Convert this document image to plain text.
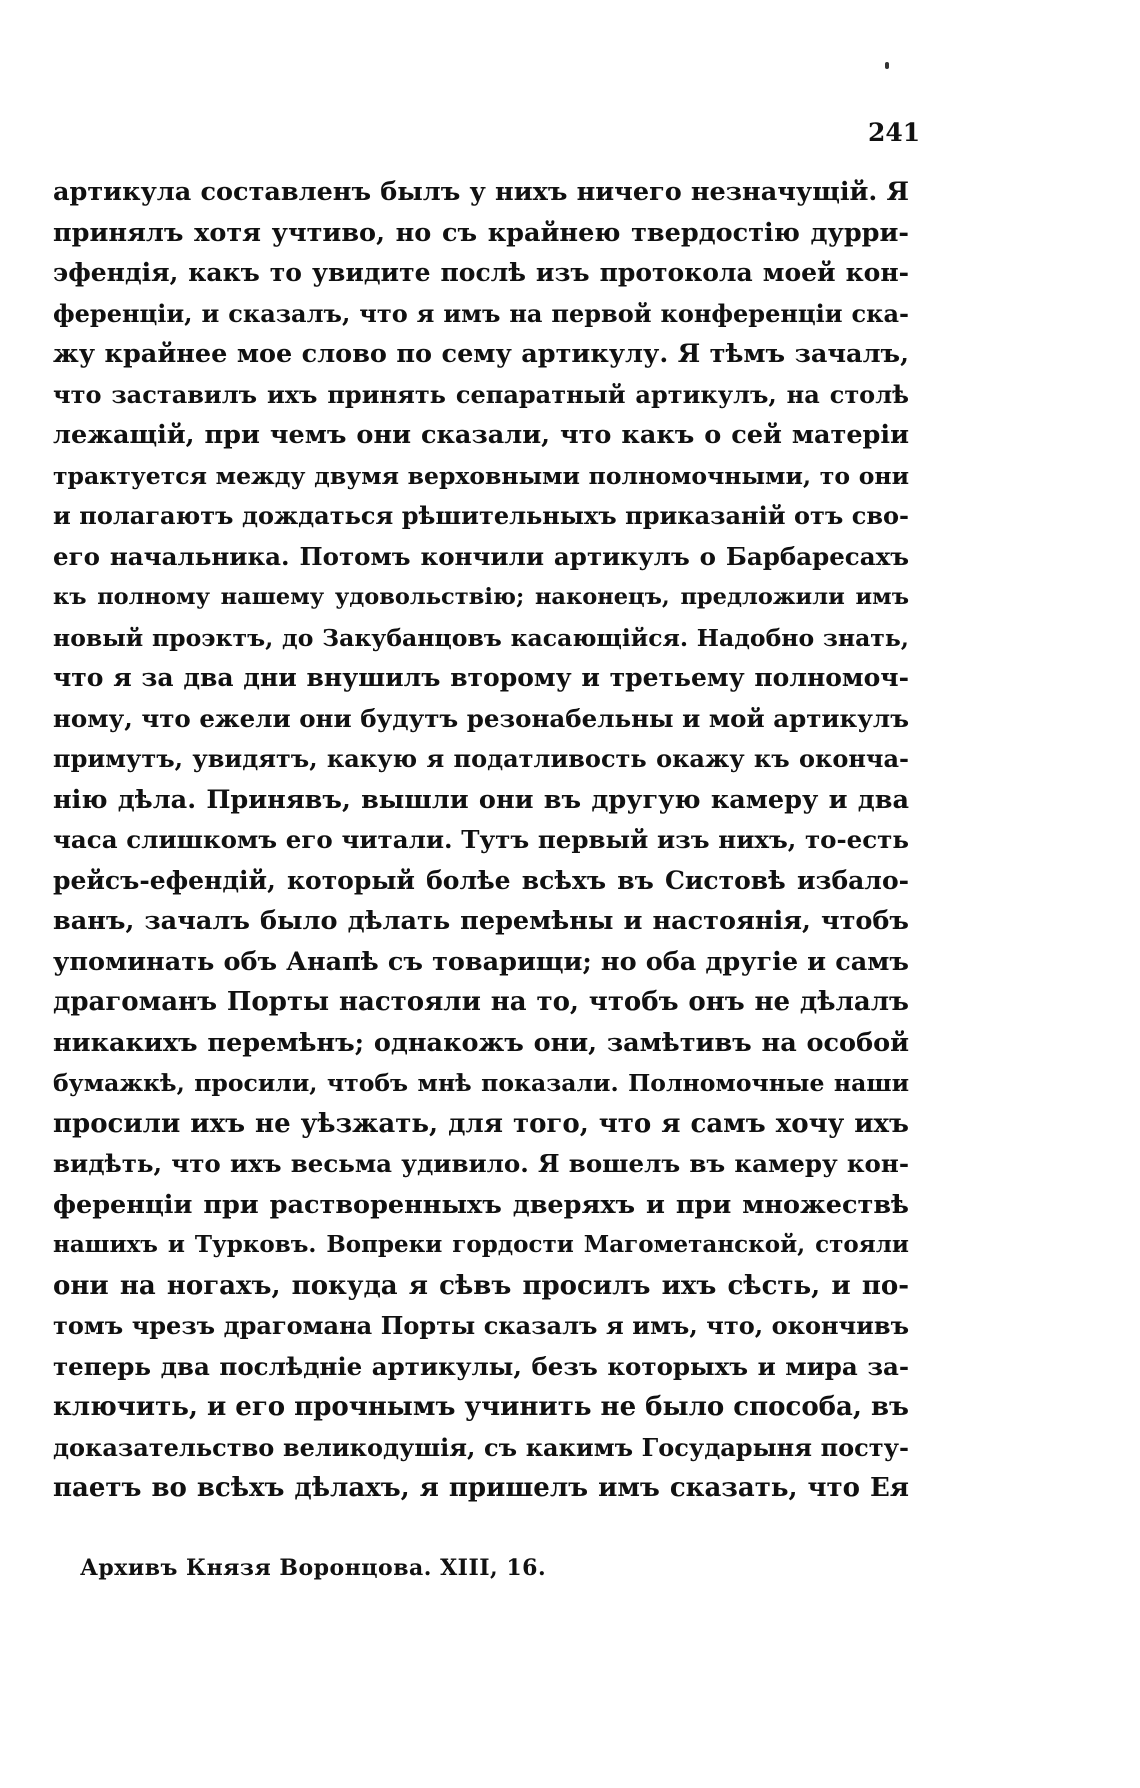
241
артикула составленъ былъ у нихъ ничего незначущій. Я
принялъ хотя учтиво, но съ крайнею твердостію дурри-
эфендія, какъ то увидите послѣ изъ протокола моей кон-
ференціи, и сказалъ, что я имъ на первой конференціи ска-
жу крайнее мое слово по сему артикулу. Я тѣмъ зачалъ,
что заставилъ ихъ принять сепаратный артикулъ, на столѣ
лежащій, при чемъ они сказали, что какъ о сей матеріи
трактуется между двумя верховными полномочными, то они
и полагаютъ дождаться рѣшительныхъ приказаній отъ сво-
его начальника. Потомъ кончили артикулъ о Барбаресахъ
къ полному нашему удовольствію; наконецъ, предложили имъ
новый проэктъ, до Закубанцовъ касающійся. Надобно знать,
что я за два дни внушилъ второму и третьему полномоч-
ному, что ежели они будутъ резонабельны и мой артикулъ
примутъ, увидятъ, какую я податливость окажу къ оконча-
нію дѣла. Принявъ, вышли они въ другую камеру и два
часа слишкомъ его читали. Тутъ первый изъ нихъ, то-есть
рейсъ-ефендій, который болѣе всѣхъ въ Систовѣ избало-
ванъ, зачалъ было дѣлать перемѣны и настоянія, чтобъ
упоминать объ Анапѣ съ товарищи; но оба другіе и самъ
драгоманъ Порты настояли на то, чтобъ онъ не дѣлалъ
никакихъ перемѣнъ; однакожъ они, замѣтивъ на особой
бумажкѣ, просили, чтобъ мнѣ показали. Полномочные наши
просили ихъ не уѣзжать, для того, что я самъ хочу ихъ
видѣть, что ихъ весьма удивило. Я вошелъ въ камеру кон-
ференціи при растворенныхъ дверяхъ и при множествѣ
нашихъ и Турковъ. Вопреки гордости Магометанской, стояли
они на ногахъ, покуда я сѣвъ просилъ ихъ сѣсть, и по-
томъ чрезъ драгомана Порты сказалъ я имъ, что, окончивъ
теперь два послѣдніе артикулы, безъ которыхъ и мира за-
ключить, и его прочнымъ учинить не было способа, въ
доказательство великодушія, съ какимъ Государыня посту-
паетъ во всѣхъ дѣлахъ, я пришелъ имъ сказать, что Ея
Архивъ Князя Воронцова. XIII, 16.
